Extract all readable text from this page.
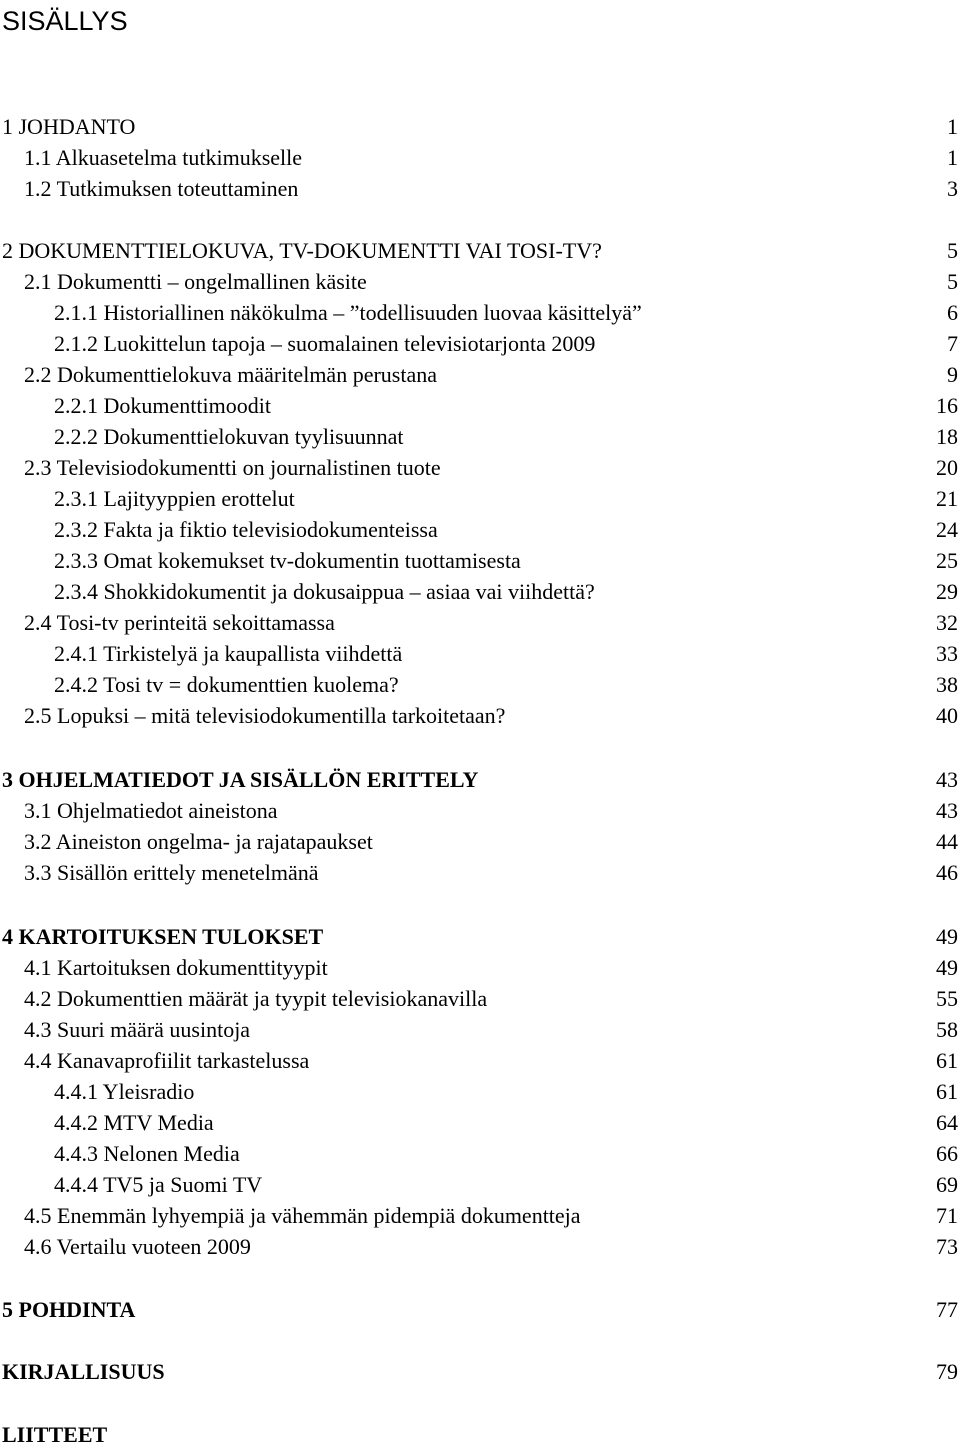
SISÄLLYS
1 JOHDANTO	1
1.1 Alkuasetelma tutkimukselle	1
1.2 Tutkimuksen toteuttaminen	3
2 DOKUMENTTIELOKUVA, TV-DOKUMENTTI VAI TOSI-TV?	5
2.1 Dokumentti – ongelmallinen käsite	5
2.1.1 Historiallinen näkökulma – ”todellisuuden luovaa käsittelyä”	6
2.1.2 Luokittelun tapoja – suomalainen televisiotarjonta 2009	7
2.2 Dokumenttielokuva määritelmän perustana	9
2.2.1 Dokumenttimoodit	16
2.2.2 Dokumenttielokuvan tyylisuunnat	18
2.3 Televisiodokumentti on journalistinen tuote	20
2.3.1 Lajityyppien erottelut	21
2.3.2 Fakta ja fiktio televisiodokumenteissa	24
2.3.3 Omat kokemukset tv-dokumentin tuottamisesta	25
2.3.4 Shokkidokumentit ja dokusaippua – asiaa vai viihdettä?	29
2.4 Tosi-tv perinteitä sekoittamassa	32
2.4.1 Tirkistelyä ja kaupallista viihdettä	33
2.4.2 Tosi tv = dokumenttien kuolema?	38
2.5 Lopuksi – mitä televisiodokumentilla tarkoitetaan?	40
3 OHJELMATIEDOT JA SISÄLLÖN ERITTELY	43
3.1 Ohjelmatiedot aineistona	43
3.2 Aineiston ongelma- ja rajatapaukset	44
3.3 Sisällön erittely menetelmänä	46
4 KARTOITUKSEN TULOKSET	49
4.1 Kartoituksen dokumenttityypit	49
4.2 Dokumenttien määrät ja tyypit televisiokanavilla	55
4.3 Suuri määrä uusintoja	58
4.4 Kanavaprofiilit tarkastelussa	61
4.4.1 Yleisradio	61
4.4.2 MTV Media	64
4.4.3 Nelonen Media	66
4.4.4 TV5 ja Suomi TV	69
4.5 Enemmän lyhyempiä ja vähemmän pidempiä dokumentteja	71
4.6 Vertailu vuoteen 2009	73
5 POHDINTA	77
KIRJALLISUUS	79
LIITTEET
